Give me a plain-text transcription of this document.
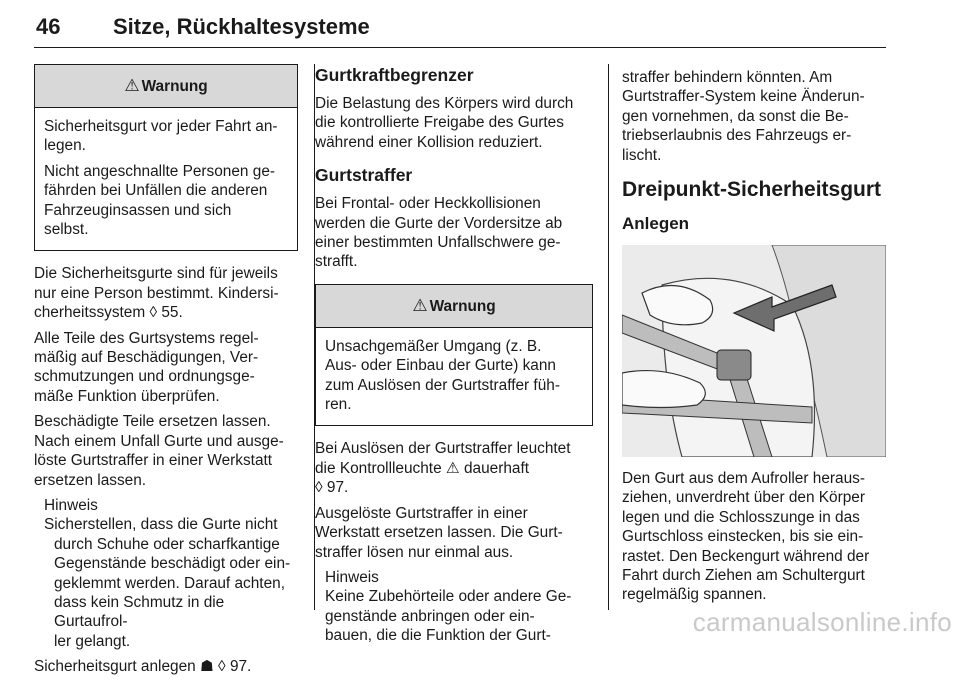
46 Sitze, Rückhaltesysteme
⚠ Warnung

Sicherheitsgurt vor jeder Fahrt an-
legen.

Nicht angeschnallte Personen ge-
fährden bei Unfällen die anderen
Fahrzeuginsassen und sich
selbst.

Die Sicherheitsgurte sind für jeweils
nur eine Person bestimmt. Kindersi-
cherheitssystem ◊ 55.

Alle Teile des Gurtsystems regel-
mäßig auf Beschädigungen, Ver-
schmutzungen und ordnungsge-
mäße Funktion überprüfen.

Beschädigte Teile ersetzen lassen.
Nach einem Unfall Gurte und ausge-
löste Gurtstraffer in einer Werkstatt
ersetzen lassen.

Hinweis
Sicherstellen, dass die Gurte nicht
durch Schuhe oder scharfkantige
Gegenstände beschädigt oder ein-
geklemmt werden. Darauf achten,
dass kein Schmutz in die Gurtaufrol-
ler gelangt.

Sicherheitsgurt anlegen ☗ ◊ 97.

Gurtkraftbegrenzer

Die Belastung des Körpers wird durch
die kontrollierte Freigabe des Gurtes
während einer Kollision reduziert.

Gurtstraffer

Bei Frontal- oder Heckkollisionen
werden die Gurte der Vordersitze ab
einer bestimmten Unfallschwere ge-
strafft.

⚠ Warnung

Unsachgemäßer Umgang (z. B.
Aus- oder Einbau der Gurte) kann
zum Auslösen der Gurtstraffer füh-
ren.

Bei Auslösen der Gurtstraffer leuchtet
die Kontrollleuchte ⚠ dauerhaft
◊ 97.

Ausgelöste Gurtstraffer in einer
Werkstatt ersetzen lassen. Die Gurt-
straffer lösen nur einmal aus.

Hinweis
Keine Zubehörteile oder andere Ge-
genstände anbringen oder ein-
bauen, die die Funktion der Gurt-

straffer behindern könnten. Am
Gurtstraffer-System keine Änderun-
gen vornehmen, da sonst die Be-
triebserlaubnis des Fahrzeugs er-
lischt.

Dreipunkt-Sicherheitsgurt
Anlegen

Den Gurt aus dem Aufroller heraus-
ziehen, unverdreht über den Körper
legen und die Schlosszunge in das
Gurtschloss einstecken, bis sie ein-
rastet. Den Beckengurt während der
Fahrt durch Ziehen am Schultergurt
regelmäßig spannen.

carmanualsonline.info
